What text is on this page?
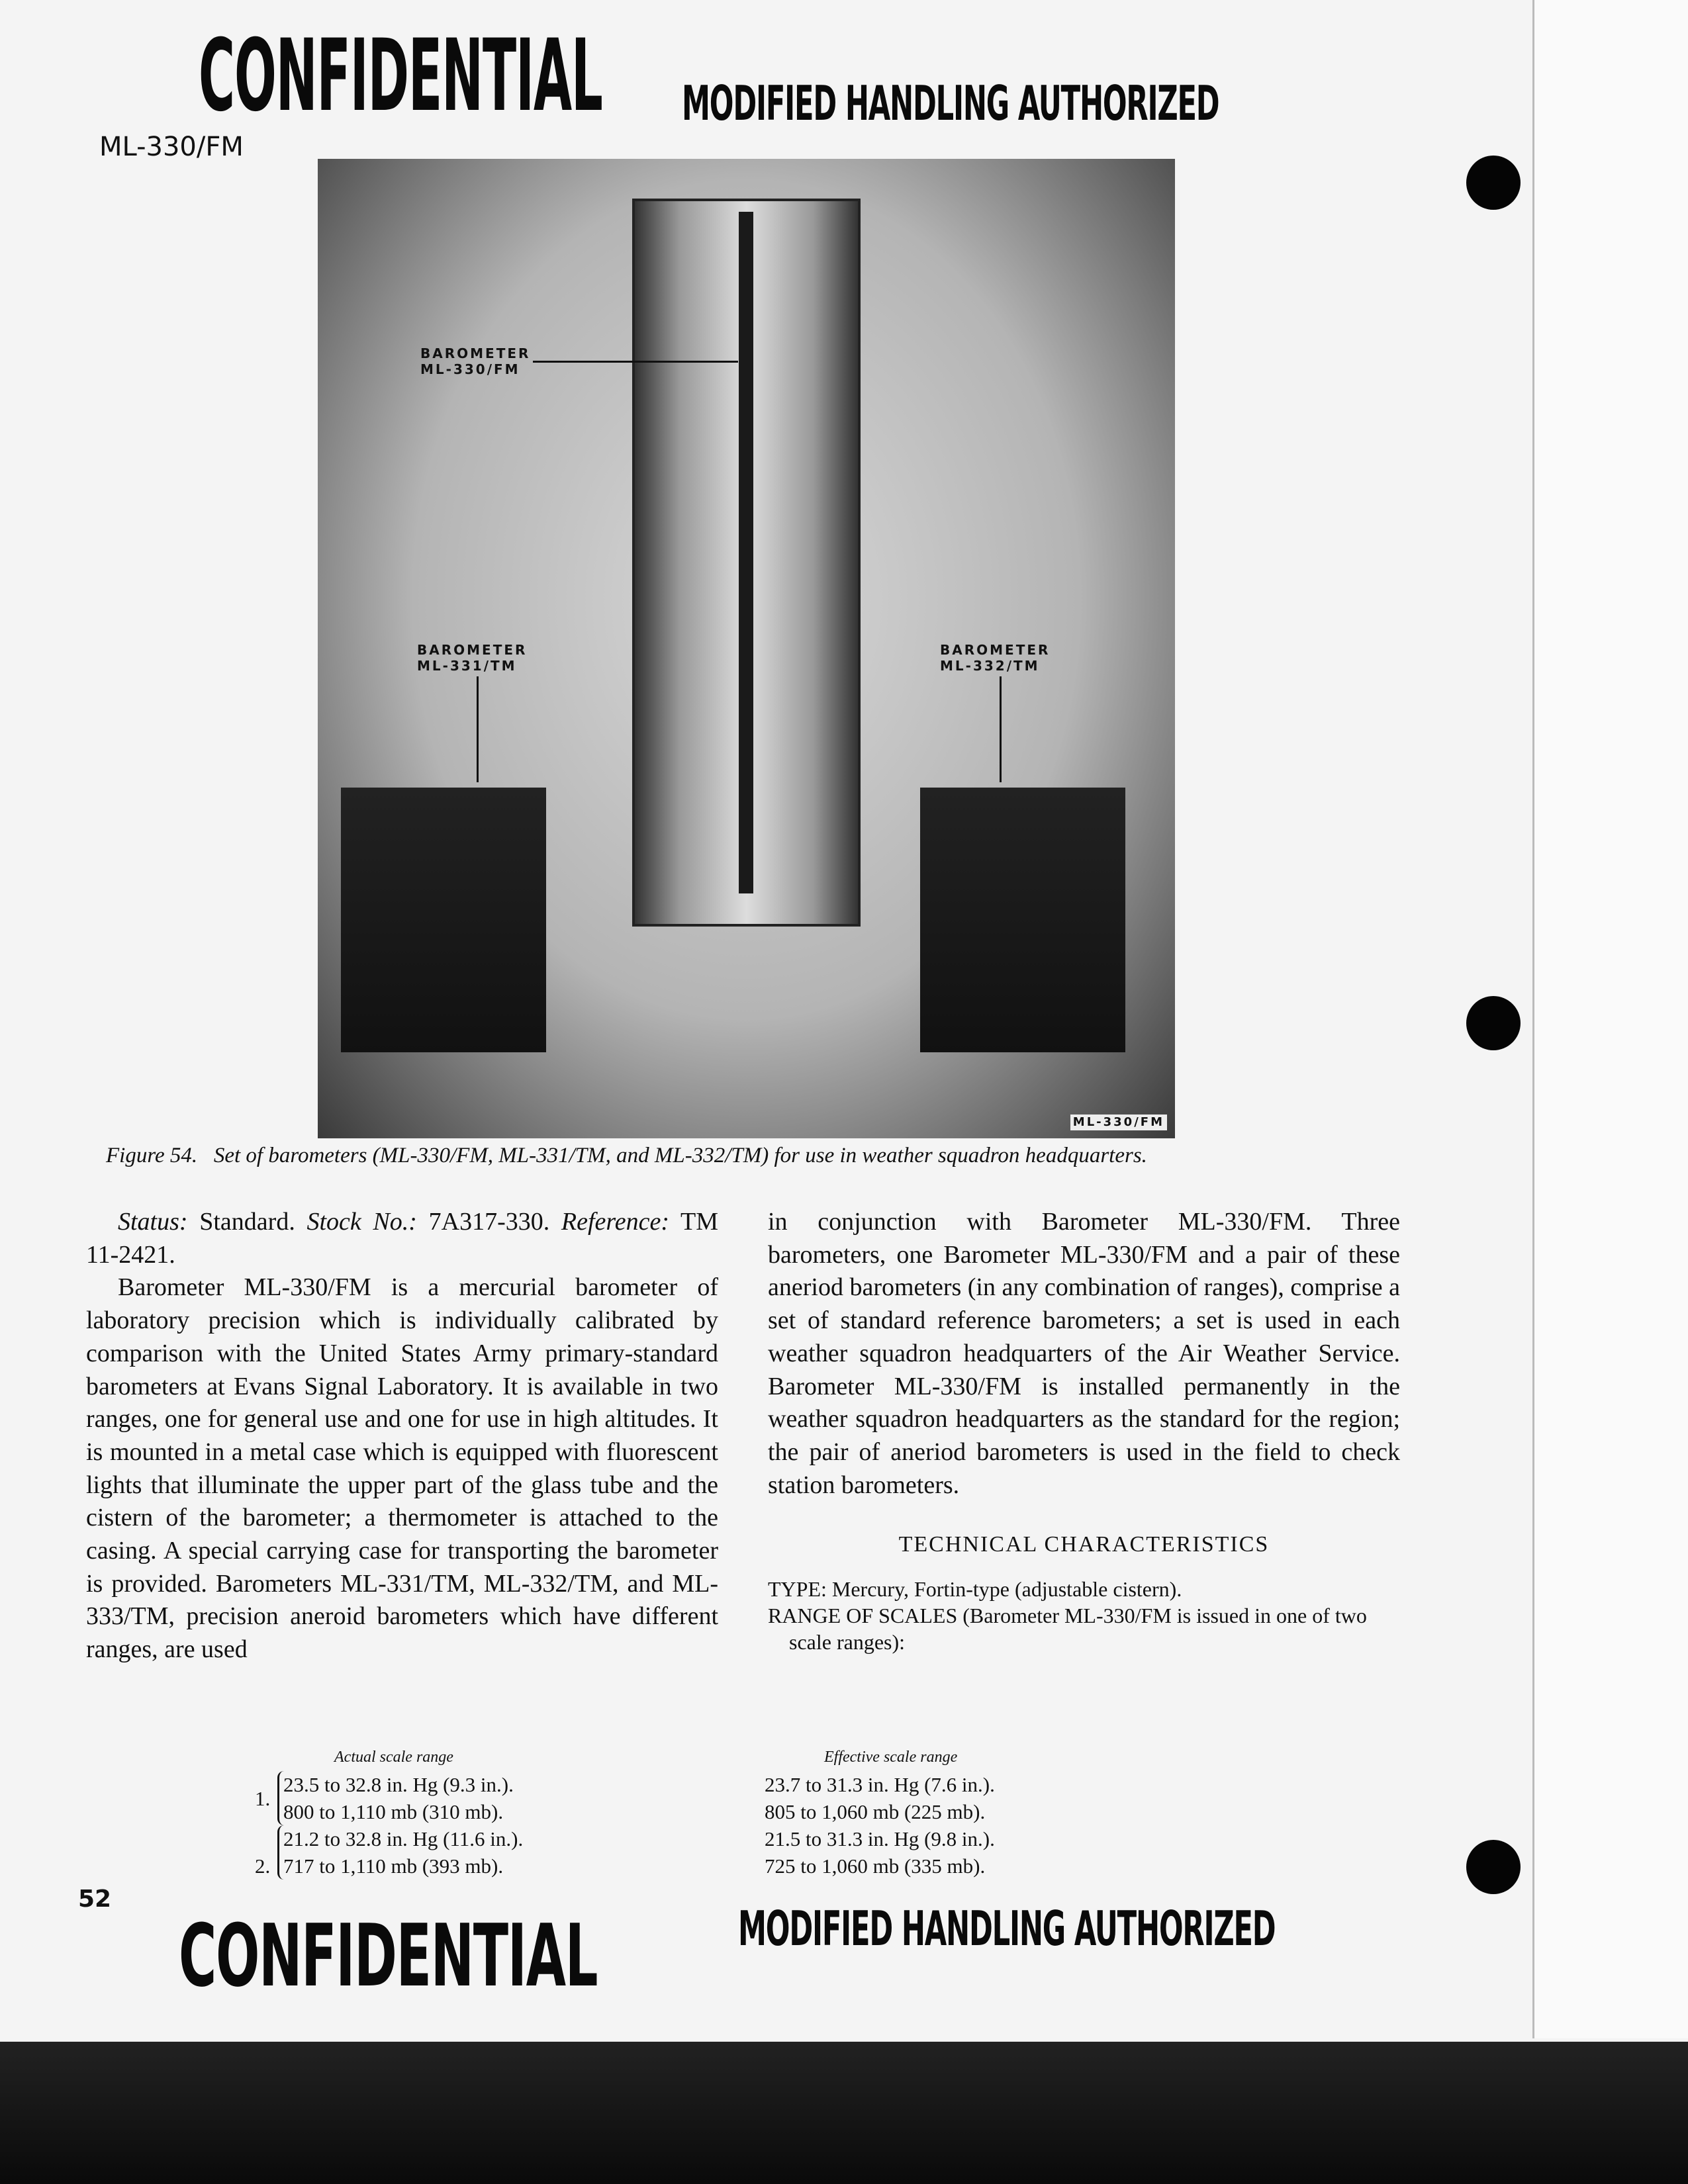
CONFIDENTIAL
ML-330/FM
MODIFIED HANDLING AUTHORIZED
BAROMETER
ML-330/FM
BAROMETER
ML-331/TM
BAROMETER
ML-332/TM
ML-330/FM
Figure 54. Set of barometers (ML-330/FM, ML-331/TM, and ML-332/TM) for use in weather squadron headquarters.

Status: Standard. Stock No.: 7A317-330. Reference: TM 11-2421.

Barometer ML-330/FM is a mercurial barometer of laboratory precision which is individually calibrated by comparison with the United States Army primary-standard barometers at Evans Signal Laboratory. It is available in two ranges, one for general use and one for use in high altitudes. It is mounted in a metal case which is equipped with fluorescent lights that illuminate the upper part of the glass tube and the cistern of the barometer; a thermometer is attached to the casing. A special carrying case for transporting the barometer is provided. Barometers ML-331/TM, ML-332/TM, and ML-333/TM, precision aneroid barometers which have different ranges, are used

in conjunction with Barometer ML-330/FM. Three barometers, one Barometer ML-330/FM and a pair of these aneriod barometers (in any combination of ranges), comprise a set of standard reference barometers; a set is used in each weather squadron headquarters of the Air Weather Service. Barometer ML-330/FM is installed permanently in the weather squadron headquarters as the standard for the region; the pair of aneriod barometers is used in the field to check station barometers.

TECHNICAL CHARACTERISTICS
TYPE: Mercury, Fortin-type (adjustable cistern).
RANGE OF SCALES (Barometer ML-330/FM is issued in one of two scale ranges):
Actual scale range
1.
23.5 to 32.8 in. Hg (9.3 in.).
800 to 1,110 mb (310 mb).
2.
21.2 to 32.8 in. Hg (11.6 in.).
717 to 1,110 mb (393 mb).
Effective scale range
23.7 to 31.3 in. Hg (7.6 in.).
805 to 1,060 mb (225 mb).
21.5 to 31.3 in. Hg (9.8 in.).
725 to 1,060 mb (335 mb).
52
CONFIDENTIAL	MODIFIED HANDLING AUTHORIZED
